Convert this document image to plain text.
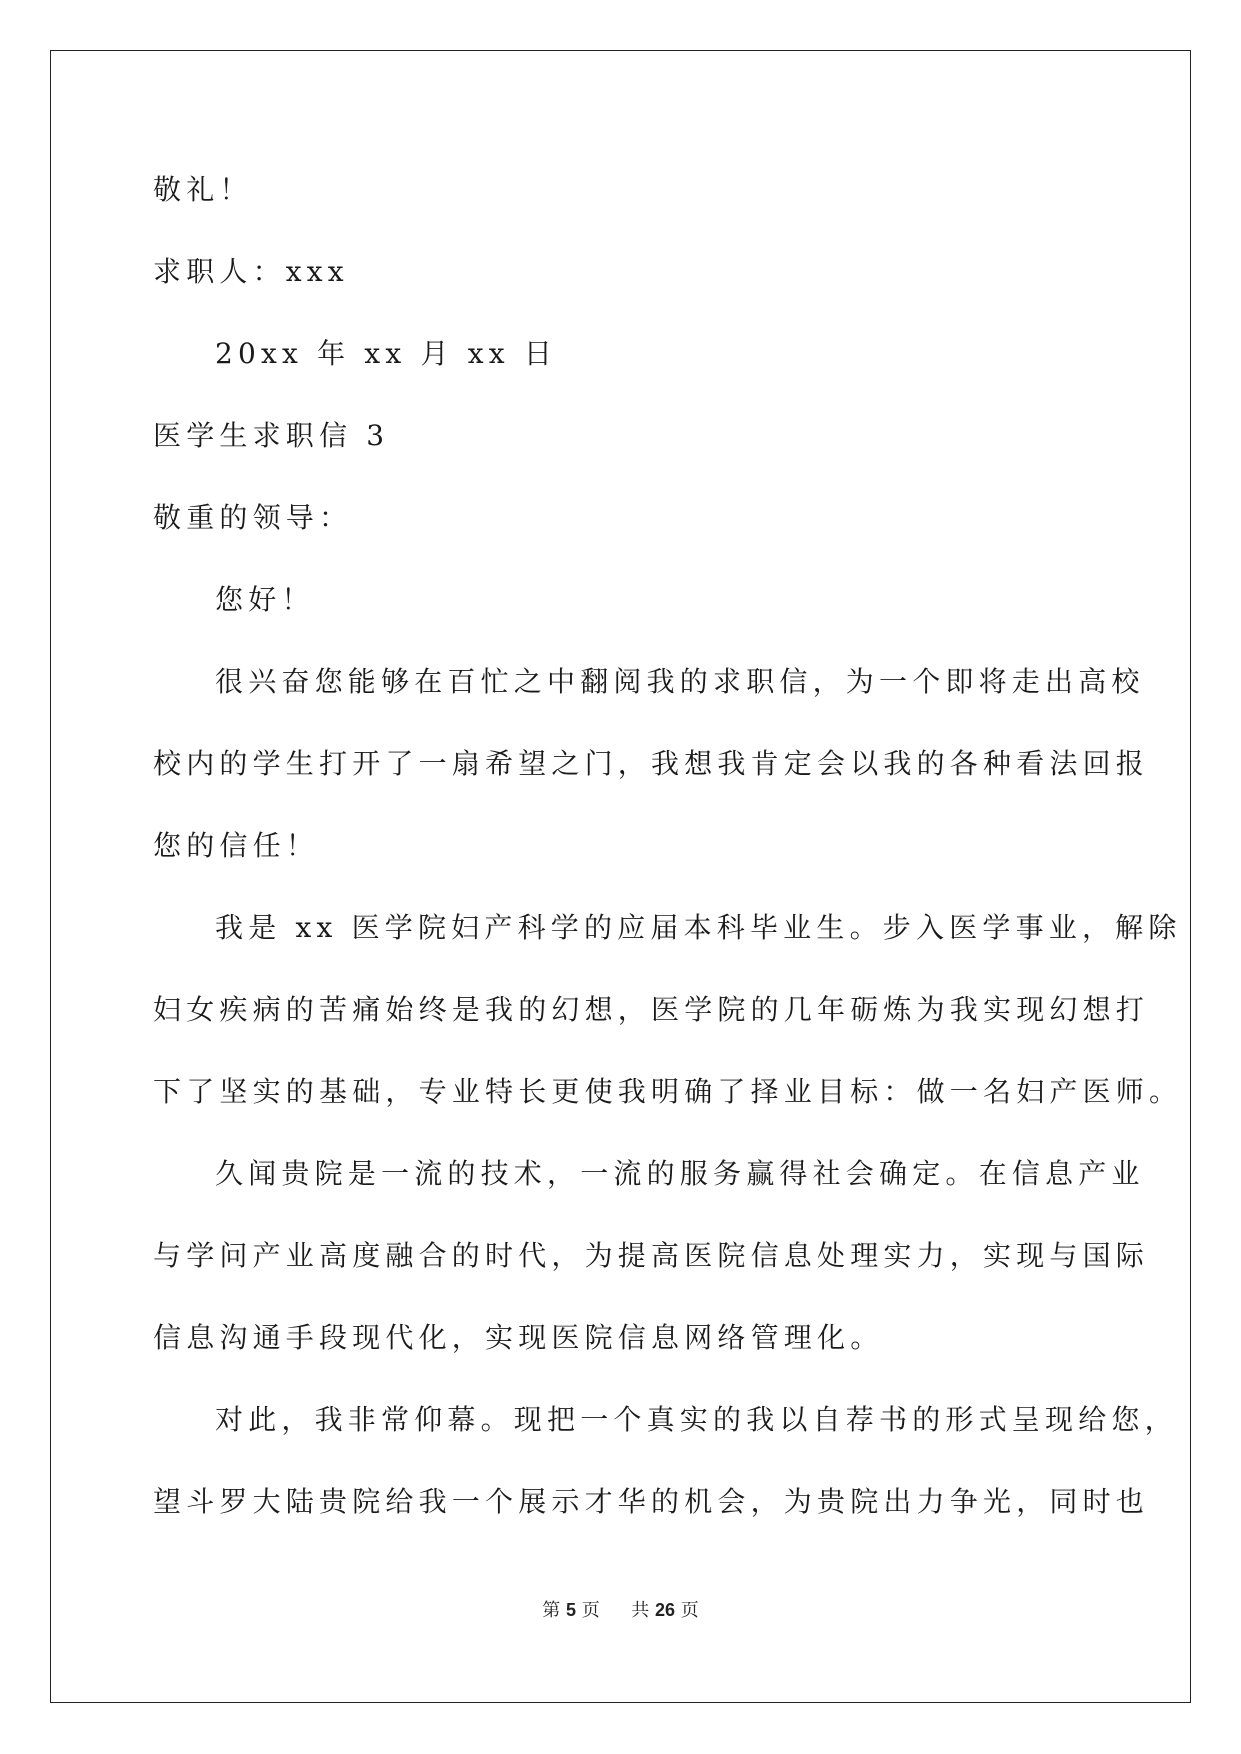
敬礼！
求职人：xxx
20xx 年 xx 月 xx 日
医学生求职信 3
敬重的领导：
您好！
很兴奋您能够在百忙之中翻阅我的求职信，为一个即将走出高校
校内的学生打开了一扇希望之门，我想我肯定会以我的各种看法回报
您的信任！
我是 xx 医学院妇产科学的应届本科毕业生。步入医学事业，解除
妇女疾病的苦痛始终是我的幻想，医学院的几年砺炼为我实现幻想打
下了坚实的基础，专业特长更使我明确了择业目标：做一名妇产医师。
久闻贵院是一流的技术，一流的服务赢得社会确定。在信息产业
与学问产业高度融合的时代，为提高医院信息处理实力，实现与国际
信息沟通手段现代化，实现医院信息网络管理化。
对此，我非常仰幕。现把一个真实的我以自荐书的形式呈现给您，
望斗罗大陆贵院给我一个展示才华的机会，为贵院出力争光，同时也
第 5 页 共 26 页
